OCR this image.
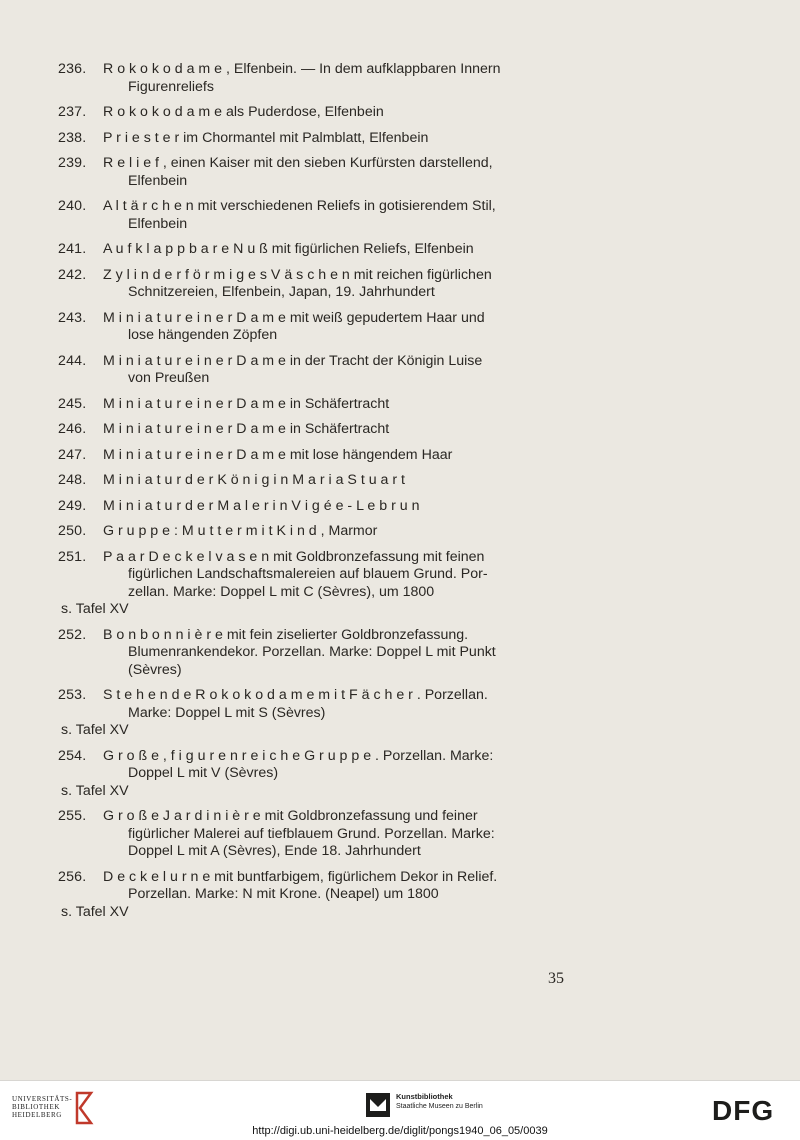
236.	R o k o k o d a m e , Elfenbein. — In dem aufklappbaren Innern
Figurenreliefs
237.	R o k o k o d a m e als Puderdose, Elfenbein
238.	P r i e s t e r im Chormantel mit Palmblatt, Elfenbein
239.	R e l i e f , einen Kaiser mit den sieben Kurfürsten darstellend,
Elfenbein
240.	A l t ä r c h e n mit verschiedenen Reliefs in gotisierendem Stil,
Elfenbein
241.	A u f k l a p p b a r e N u ß mit figürlichen Reliefs, Elfenbein
242.	Z y l i n d e r f ö r m i g e s V ä s c h e n mit reichen figürlichen
Schnitzereien, Elfenbein, Japan, 19. Jahrhundert
243.	M i n i a t u r e i n e r D a m e mit weiß gepudertem Haar und
lose hängenden Zöpfen
244.	M i n i a t u r e i n e r D a m e in der Tracht der Königin Luise
von Preußen
245.	M i n i a t u r e i n e r D a m e in Schäfertracht
246.	M i n i a t u r e i n e r D a m e in Schäfertracht
247.	M i n i a t u r e i n e r D a m e mit lose hängendem Haar
248.	M i n i a t u r d e r K ö n i g i n M a r i a S t u a r t
249.	M i n i a t u r d e r M a l e r i n V i g é e - L e b r u n
250.	G r u p p e : M u t t e r m i t K i n d , Marmor
251.	P a a r D e c k e l v a s e n mit Goldbronzefassung mit feinen
figürlichen Landschaftsmalereien auf blauem Grund. Por-
zellan. Marke: Doppel L mit C (Sèvres), um 1800
s. Tafel XV
252.	B o n b o n n i è r e mit fein ziselierter Goldbronzefassung.
Blumenrankendekor. Porzellan. Marke: Doppel L mit Punkt
(Sèvres)
253.	S t e h e n d e R o k o k o d a m e m i t F ä c h e r . Porzellan.
Marke: Doppel L mit S (Sèvres)
s. Tafel XV
254.	G r o ß e , f i g u r e n r e i c h e G r u p p e . Porzellan. Marke:
Doppel L mit V (Sèvres)
s. Tafel XV
255.	G r o ß e J a r d i n i è r e mit Goldbronzefassung und feiner
figürlicher Malerei auf tiefblauem Grund. Porzellan. Marke:
Doppel L mit A (Sèvres), Ende 18. Jahrhundert
256.	D e c k e l u r n e mit buntfarbigem, figürlichem Dekor in Relief.
Porzellan. Marke: N mit Krone. (Neapel) um 1800
s. Tafel XV
35
UNIVERSITÄTS-
BIBLIOTHEK
HEIDELBERG
Kunstbibliothek
Staatliche Museen zu Berlin	DFG
http://digi.ub.uni-heidelberg.de/diglit/pongs1940_06_05/0039
